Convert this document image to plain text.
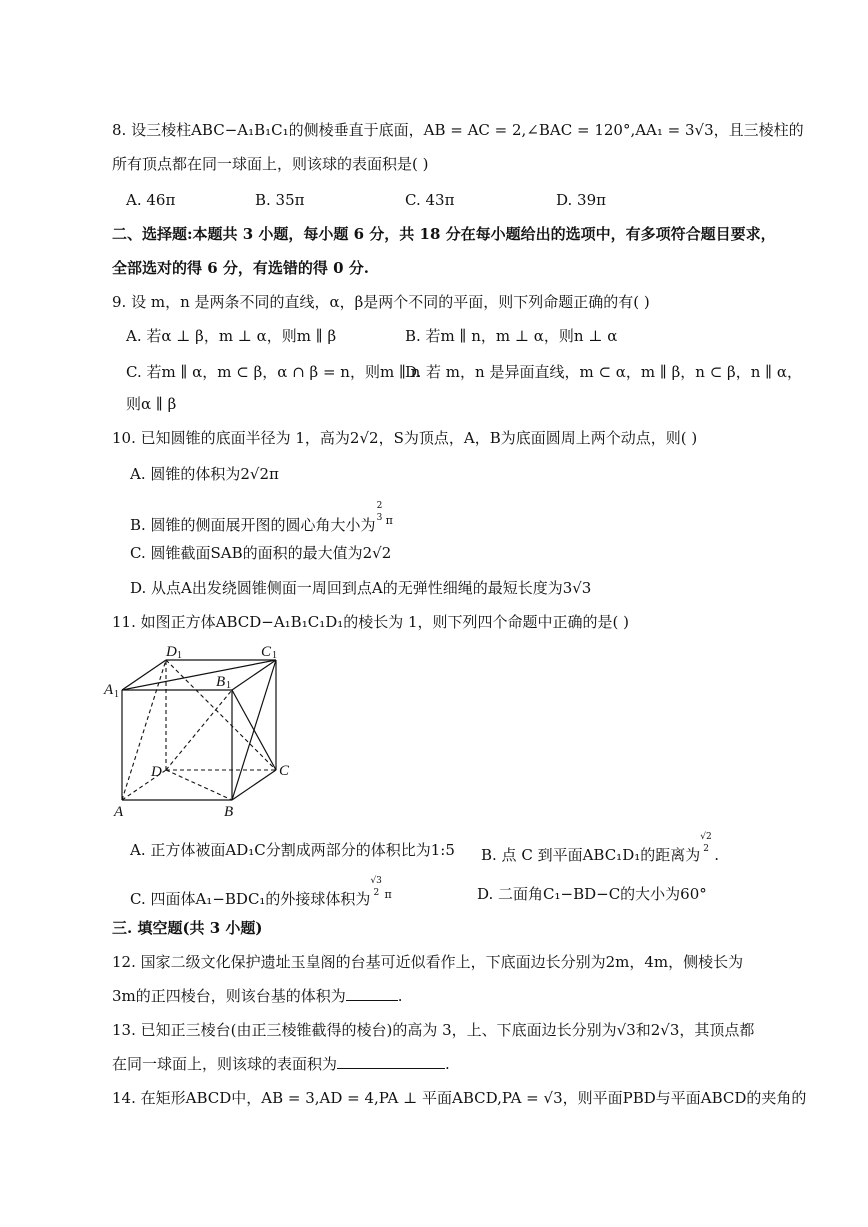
8. 设三棱柱ABC−A₁B₁C₁的侧棱垂直于底面，AB = AC = 2,∠BAC = 120°,AA₁ = 3√3，且三棱柱的
所有顶点都在同一球面上，则该球的表面积是( )
A. 46π	B. 35π	C. 43π	D. 39π
二、选择题:本题共 3 小题，每小题 6 分，共 18 分在每小题给出的选项中，有多项符合题目要求，
全部选对的得 6 分，有选错的得 0 分.
9. 设 m，n 是两条不同的直线，α，β是两个不同的平面，则下列命题正确的有( )
A. 若α ⊥ β，m ⊥ α，则m ∥ β	B. 若m ∥ n，m ⊥ α，则n ⊥ α
C. 若m ∥ α，m ⊂ β，α ∩ β = n，则m ∥ n
D. 若 m，n 是异面直线，m ⊂ α，m ∥ β，n ⊂ β，n ∥ α，
则α ∥ β
10. 已知圆锥的底面半径为 1，高为2√2，S为顶点，A，B为底面圆周上两个动点，则( )
A. 圆锥的体积为2√2π
B. 圆锥的侧面展开图的圆心角大小为
2
3 $^\pi$
C. 圆锥截面SAB的面积的最大值为2√2
D. 从点A出发绕圆锥侧面一周回到点A的无弹性细绳的最短长度为3√3
11. 如图正方体ABCD−A₁B₁C₁D₁的棱长为 1，则下列四个命题中正确的是( )
D 1	C 1
B 1
A 1
D	C
A	B
A. 正方体被面AD₁C分割成两部分的体积比为1:5 B. 点 C 到平面ABC₁D₁的距离为
√2
2 .
C. 四面体A₁−BDC₁的外接球体积为
√3
2 $^\pi$	D. 二面角C₁−BD−C的大小为60°
三. 填空题(共 3 小题)
12. 国家二级文化保护遗址玉皇阁的台基可近似看作上，下底面边长分别为2m，4m，侧棱长为
3m的正四棱台，则该台基的体积为	.
13. 已知正三棱台(由正三棱锥截得的棱台)的高为 3，上、下底面边长分别为√3和2√3，其顶点都
在同一球面上，则该球的表面积为	.
14. 在矩形ABCD中，AB = 3,AD = 4,PA ⊥ 平面ABCD,PA = √3，则平面PBD与平面ABCD的夹角的
